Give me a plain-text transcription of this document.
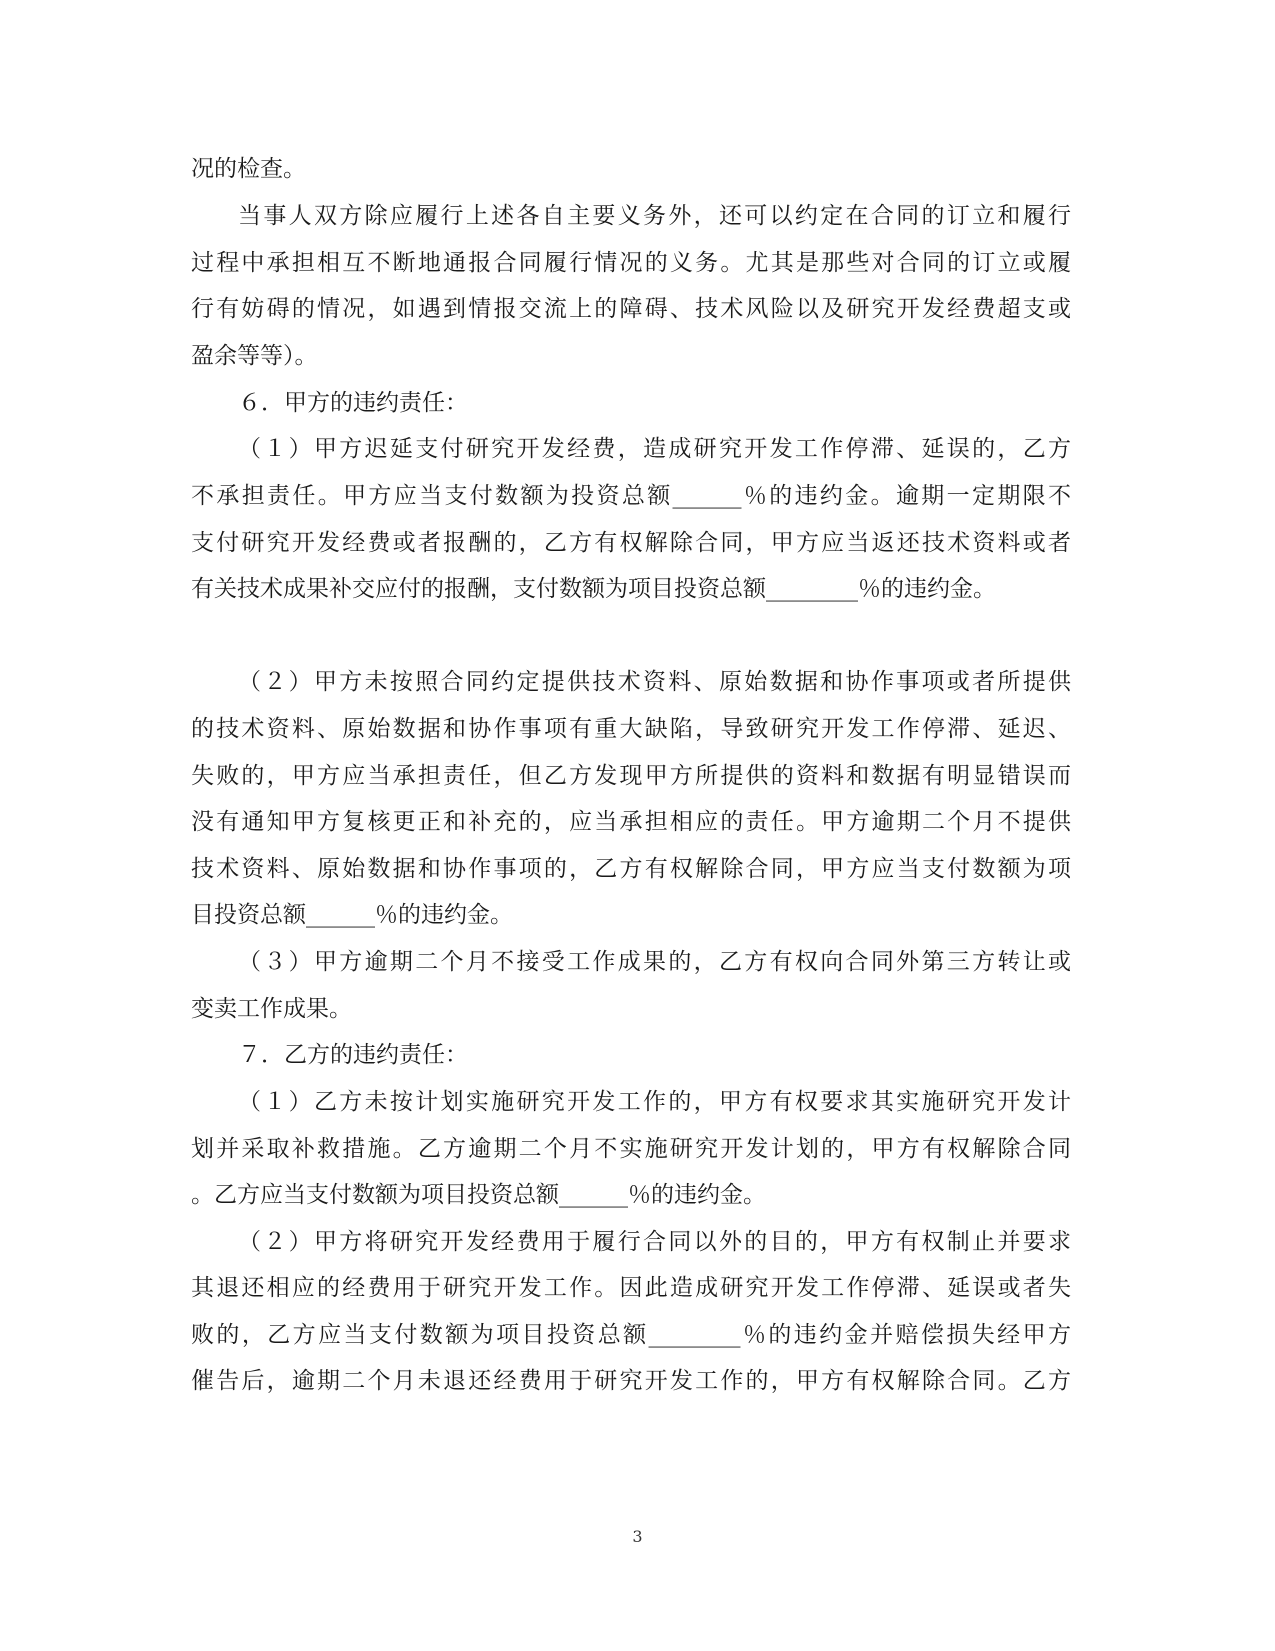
况的检查。
当事人双方除应履行上述各自主要义务外，还可以约定在合同的订立和履行
过程中承担相互不断地通报合同履行情况的义务。尤其是那些对合同的订立或履
行有妨碍的情况，如遇到情报交流上的障碍、技术风险以及研究开发经费超支或
盈余等等）。
６．甲方的违约责任：
（１）甲方迟延支付研究开发经费，造成研究开发工作停滞、延误的，乙方
不承担责任。甲方应当支付数额为投资总额______％的违约金。逾期一定期限不
支付研究开发经费或者报酬的，乙方有权解除合同，甲方应当返还技术资料或者
有关技术成果补交应付的报酬，支付数额为项目投资总额________％的违约金。
（２）甲方未按照合同约定提供技术资料、原始数据和协作事项或者所提供
的技术资料、原始数据和协作事项有重大缺陷，导致研究开发工作停滞、延迟、
失败的，甲方应当承担责任，但乙方发现甲方所提供的资料和数据有明显错误而
没有通知甲方复核更正和补充的，应当承担相应的责任。甲方逾期二个月不提供
技术资料、原始数据和协作事项的，乙方有权解除合同，甲方应当支付数额为项
目投资总额______％的违约金。
（３）甲方逾期二个月不接受工作成果的，乙方有权向合同外第三方转让或
变卖工作成果。
７．乙方的违约责任：
（１）乙方未按计划实施研究开发工作的，甲方有权要求其实施研究开发计
划并采取补救措施。乙方逾期二个月不实施研究开发计划的，甲方有权解除合同
。乙方应当支付数额为项目投资总额______％的违约金。
（２）甲方将研究开发经费用于履行合同以外的目的，甲方有权制止并要求
其退还相应的经费用于研究开发工作。因此造成研究开发工作停滞、延误或者失
败的，乙方应当支付数额为项目投资总额________％的违约金并赔偿损失经甲方
催告后，逾期二个月未退还经费用于研究开发工作的，甲方有权解除合同。乙方
3
